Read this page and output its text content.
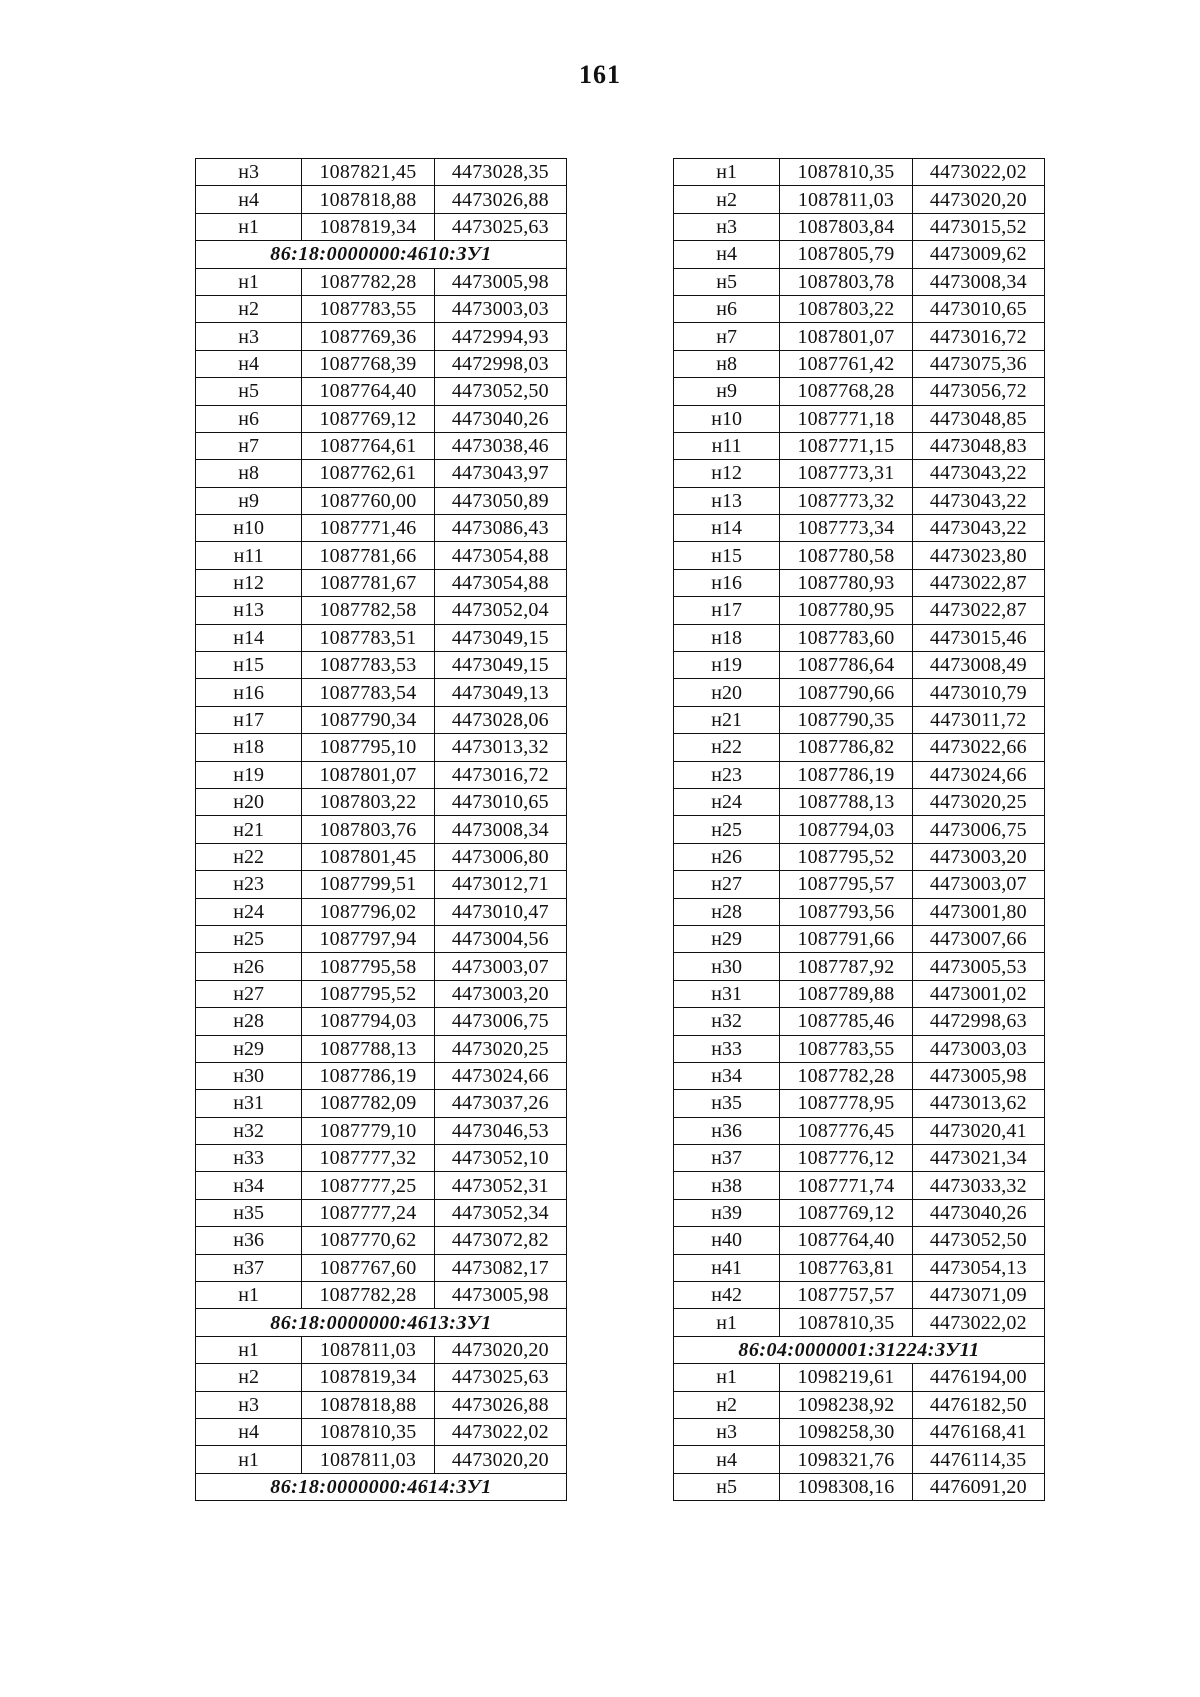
161
н3	1087821,45	4473028,35
н4	1087818,88	4473026,88
н1	1087819,34	4473025,63
86:18:0000000:4610:ЗУ1		
н1	1087782,28	4473005,98
н2	1087783,55	4473003,03
н3	1087769,36	4472994,93
н4	1087768,39	4472998,03
н5	1087764,40	4473052,50
н6	1087769,12	4473040,26
н7	1087764,61	4473038,46
н8	1087762,61	4473043,97
н9	1087760,00	4473050,89
н10	1087771,46	4473086,43
н11	1087781,66	4473054,88
н12	1087781,67	4473054,88
н13	1087782,58	4473052,04
н14	1087783,51	4473049,15
н15	1087783,53	4473049,15
н16	1087783,54	4473049,13
н17	1087790,34	4473028,06
н18	1087795,10	4473013,32
н19	1087801,07	4473016,72
н20	1087803,22	4473010,65
н21	1087803,76	4473008,34
н22	1087801,45	4473006,80
н23	1087799,51	4473012,71
н24	1087796,02	4473010,47
н25	1087797,94	4473004,56
н26	1087795,58	4473003,07
н27	1087795,52	4473003,20
н28	1087794,03	4473006,75
н29	1087788,13	4473020,25
н30	1087786,19	4473024,66
н31	1087782,09	4473037,26
н32	1087779,10	4473046,53
н33	1087777,32	4473052,10
н34	1087777,25	4473052,31
н35	1087777,24	4473052,34
н36	1087770,62	4473072,82
н37	1087767,60	4473082,17
н1	1087782,28	4473005,98
86:18:0000000:4613:ЗУ1		
н1	1087811,03	4473020,20
н2	1087819,34	4473025,63
н3	1087818,88	4473026,88
н4	1087810,35	4473022,02
н1	1087811,03	4473020,20
86:18:0000000:4614:ЗУ1		
н1	1087810,35	4473022,02
н2	1087811,03	4473020,20
н3	1087803,84	4473015,52
н4	1087805,79	4473009,62
н5	1087803,78	4473008,34
н6	1087803,22	4473010,65
н7	1087801,07	4473016,72
н8	1087761,42	4473075,36
н9	1087768,28	4473056,72
н10	1087771,18	4473048,85
н11	1087771,15	4473048,83
н12	1087773,31	4473043,22
н13	1087773,32	4473043,22
н14	1087773,34	4473043,22
н15	1087780,58	4473023,80
н16	1087780,93	4473022,87
н17	1087780,95	4473022,87
н18	1087783,60	4473015,46
н19	1087786,64	4473008,49
н20	1087790,66	4473010,79
н21	1087790,35	4473011,72
н22	1087786,82	4473022,66
н23	1087786,19	4473024,66
н24	1087788,13	4473020,25
н25	1087794,03	4473006,75
н26	1087795,52	4473003,20
н27	1087795,57	4473003,07
н28	1087793,56	4473001,80
н29	1087791,66	4473007,66
н30	1087787,92	4473005,53
н31	1087789,88	4473001,02
н32	1087785,46	4472998,63
н33	1087783,55	4473003,03
н34	1087782,28	4473005,98
н35	1087778,95	4473013,62
н36	1087776,45	4473020,41
н37	1087776,12	4473021,34
н38	1087771,74	4473033,32
н39	1087769,12	4473040,26
н40	1087764,40	4473052,50
н41	1087763,81	4473054,13
н42	1087757,57	4473071,09
н1	1087810,35	4473022,02
86:04:0000001:31224:ЗУ11		
н1	1098219,61	4476194,00
н2	1098238,92	4476182,50
н3	1098258,30	4476168,41
н4	1098321,76	4476114,35
н5	1098308,16	4476091,20
